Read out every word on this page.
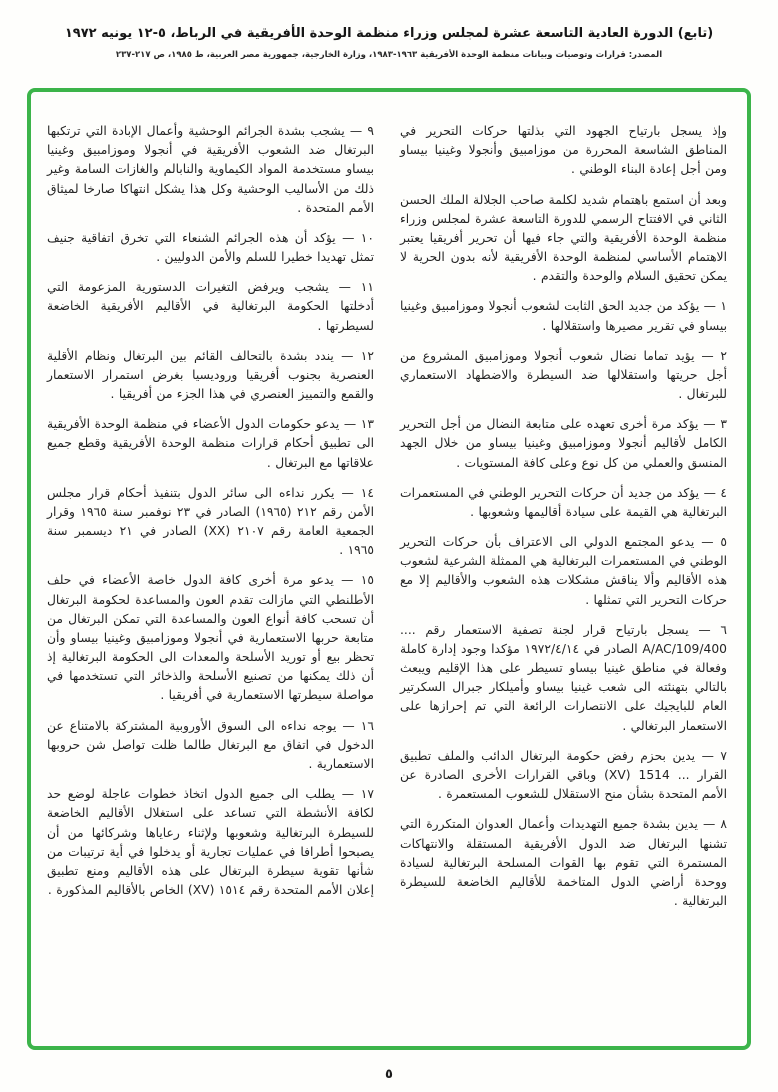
(تابع) الدورة العادية التاسعة عشرة لمجلس وزراء منظمة الوحدة الأفريقية في الرباط، ٥-١٢ يونيه ١٩٧٢
المصدر: قرارات وتوصيات وبيانات منظمة الوحدة الأفريقية ١٩٦٣-١٩٨٣، وزارة الخارجية، جمهورية مصر العربية، ط ١٩٨٥، ص ٢١٧-٢٣٧

وإذ يسجل بارتياح الجهود التي بذلتها حركات التحرير في المناطق الشاسعة المحررة من موزامبيق وأنجولا وغينيا بيساو ومن أجل إعادة البناء الوطني .

وبعد أن استمع باهتمام شديد لكلمة صاحب الجلالة الملك الحسن الثاني في الافتتاح الرسمي للدورة التاسعة عشرة لمجلس وزراء منظمة الوحدة الأفريقية والتي جاء فيها أن تحرير أفريقيا يعتبر الاهتمام الأساسي لمنظمة الوحدة الأفريقية لأنه بدون الحرية لا يمكن تحقيق السلام والوحدة والتقدم .

١ — يؤكد من جديد الحق الثابت لشعوب أنجولا وموزامبيق وغينيا بيساو في تقرير مصيرها واستقلالها .

٢ — يؤيد تماما نضال شعوب أنجولا وموزامبيق المشروع من أجل حريتها واستقلالها ضد السيطرة والاضطهاد الاستعماري للبرتغال .

٣ — يؤكد مرة أخرى تعهده على متابعة النضال من أجل التحرير الكامل لأقاليم أنجولا وموزامبيق وغينيا بيساو من خلال الجهد المنسق والعملي من كل نوع وعلى كافة المستويات .

٤ — يؤكد من جديد أن حركات التحرير الوطني في المستعمرات البرتغالية هي القيمة على سيادة أقاليمها وشعوبها .

٥ — يدعو المجتمع الدولي الى الاعتراف بأن حركات التحرير الوطني في المستعمرات البرتغالية هي الممثلة الشرعية لشعوب هذه الأقاليم وألا يناقش مشكلات هذه الشعوب والأقاليم إلا مع حركات التحرير التي تمثلها .

٦ — يسجل بارتياح قرار لجنة تصفية الاستعمار رقم .... A/AC/109/400 الصادر في ١٩٧٢/٤/١٤ مؤكدا وجود إدارة كاملة وفعالة في مناطق غينيا بيساو تسيطر على هذا الإقليم ويبعث بالتالي بتهنئته الى شعب غينيا بيساو وأميلكار جبرال السكرتير العام للبايجيك على الانتصارات الرائعة التي تم إحرازها على الاستعمار البرتغالي .

٧ — يدين بحزم رفض حكومة البرتغال الدائب والملف تطبيق القرار ... 1514 (XV) وباقي القرارات الأخرى الصادرة عن الأمم المتحدة بشأن منح الاستقلال للشعوب المستعمرة .

٨ — يدين بشدة جميع التهديدات وأعمال العدوان المتكررة التي تشنها البرتغال ضد الدول الأفريقية المستقلة والانتهاكات المستمرة التي تقوم بها القوات المسلحة البرتغالية لسيادة ووحدة أراضي الدول المتاخمة للأقاليم الخاضعة للسيطرة البرتغالية .

٩ — يشجب بشدة الجرائم الوحشية وأعمال الإبادة التي ترتكبها البرتغال ضد الشعوب الأفريقية في أنجولا وموزامبيق وغينيا بيساو مستخدمة المواد الكيماوية والنابالم والغازات السامة وغير ذلك من الأساليب الوحشية وكل هذا يشكل انتهاكا صارخا لميثاق الأمم المتحدة .

١٠ — يؤكد أن هذه الجرائم الشنعاء التي تخرق اتفاقية جنيف تمثل تهديدا خطيرا للسلم والأمن الدوليين .

١١ — يشجب ويرفض التغيرات الدستورية المزعومة التي أدخلتها الحكومة البرتغالية في الأقاليم الأفريقية الخاضعة لسيطرتها .

١٢ — يندد بشدة بالتحالف القائم بين البرتغال ونظام الأقلية العنصرية بجنوب أفريقيا وروديسيا بغرض استمرار الاستعمار والقمع والتمييز العنصري في هذا الجزء من أفريقيا .

١٣ — يدعو حكومات الدول الأعضاء في منظمة الوحدة الأفريقية الى تطبيق أحكام قرارات منظمة الوحدة الأفريقية وقطع جميع علاقاتها مع البرتغال .

١٤ — يكرر نداءه الى سائر الدول بتنفيذ أحكام قرار مجلس الأمن رقم ٢١٢ (١٩٦٥) الصادر في ٢٣ نوفمبر سنة ١٩٦٥ وقرار الجمعية العامة رقم ٢١٠٧ (XX) الصادر في ٢١ ديسمبر سنة ١٩٦٥ .

١٥ — يدعو مرة أخرى كافة الدول خاصة الأعضاء في حلف الأطلنطي التي مازالت تقدم العون والمساعدة لحكومة البرتغال أن تسحب كافة أنواع العون والمساعدة التي تمكن البرتغال من متابعة حربها الاستعمارية في أنجولا وموزامبيق وغينيا بيساو وأن تحظر بيع أو توريد الأسلحة والمعدات الى الحكومة البرتغالية إذ أن ذلك يمكنها من تصنيع الأسلحة والذخائر التي تستخدمها في مواصلة سيطرتها الاستعمارية في أفريقيا .

١٦ — يوجه نداءه الى السوق الأوروبية المشتركة بالامتناع عن الدخول في اتفاق مع البرتغال طالما ظلت تواصل شن حروبها الاستعمارية .

١٧ — يطلب الى جميع الدول اتخاذ خطوات عاجلة لوضع حد لكافة الأنشطة التي تساعد على استغلال الأقاليم الخاضعة للسيطرة البرتغالية وشعوبها ولإثناء رعاياها وشركائها من أن يصبحوا أطرافا في عمليات تجارية أو يدخلوا في أية ترتيبات من شأنها تقوية سيطرة البرتغال على هذه الأقاليم ومنع تطبيق إعلان الأمم المتحدة رقم ١٥١٤ (XV) الخاص بالأقاليم المذكورة .

٥
